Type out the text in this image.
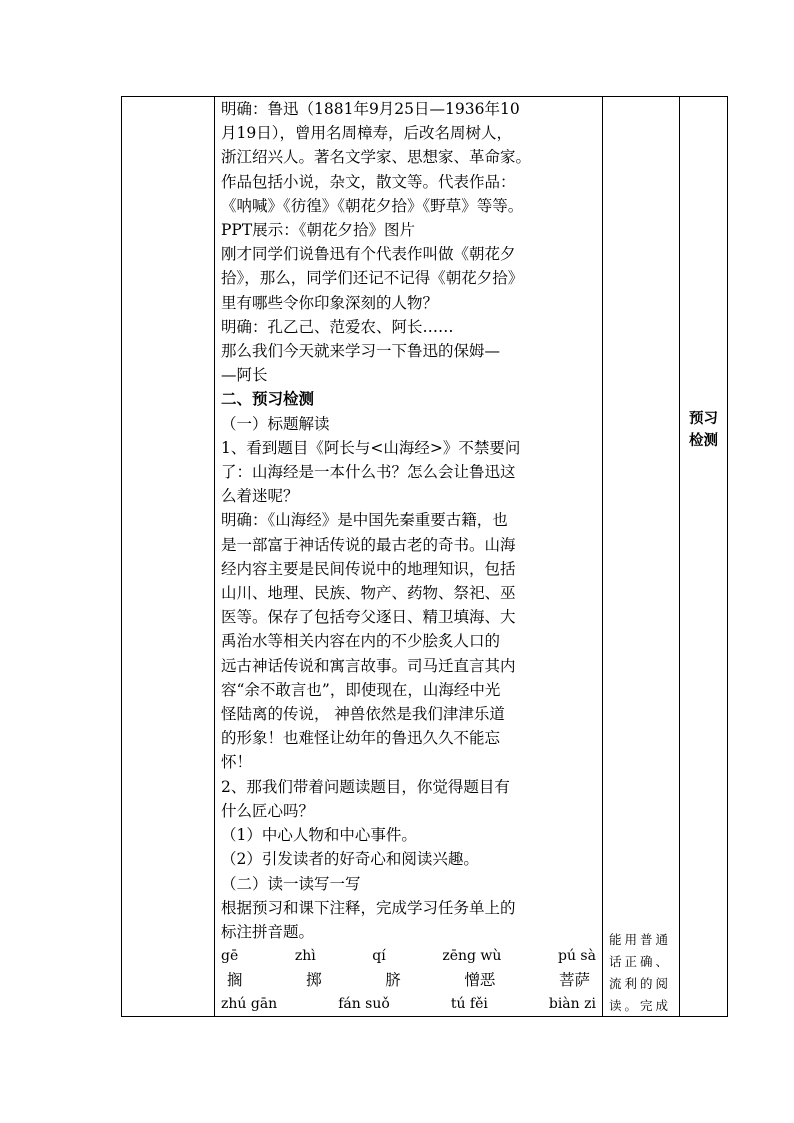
明确：鲁迅（1881年9月25日—1936年10
月19日），曾用名周樟寿，后改名周树人，
浙江绍兴人。著名文学家、思想家、革命家。
作品包括小说，杂文，散文等。代表作品：
《呐喊》《彷徨》《朝花夕拾》《野草》等等。
PPT展示：《朝花夕拾》图片
刚才同学们说鲁迅有个代表作叫做《朝花夕
拾》，那么，同学们还记不记得《朝花夕拾》
里有哪些令你印象深刻的人物？
明确：孔乙己、范爱农、阿长……
那么我们今天就来学习一下鲁迅的保姆—
—阿长
二、预习检测
（一）标题解读
1、看到题目《阿长与<山海经>》不禁要问
了：山海经是一本什么书？怎么会让鲁迅这
么着迷呢？
明确：《山海经》是中国先秦重要古籍，也
是一部富于神话传说的最古老的奇书。山海
经内容主要是民间传说中的地理知识，包括
山川、地理、民族、物产、药物、祭祀、巫
医等。保存了包括夸父逐日、精卫填海、大
禹治水等相关内容在内的不少脍炙人口的
远古神话传说和寓言故事。司马迁直言其内
容“余不敢言也”，即使现在，山海经中光
怪陆离的传说， 神兽依然是我们津津乐道
的形象！也难怪让幼年的鲁迅久久不能忘
怀！
2、那我们带着问题读题目，你觉得题目有
什么匠心吗？
（1）中心人物和中心事件。
（2）引发读者的好奇心和阅读兴趣。
（二）读一读写一写
根据预习和课下注释，完成学习任务单上的
标注拼音题。
gē	zhì	qí	zēng wù	pú sà
搁	掷	脐	憎恶	菩萨
zhú gān	fán suǒ	tú fěi	biàn zi

能用普通话正确、流利的阅读。完成

预习
检测
